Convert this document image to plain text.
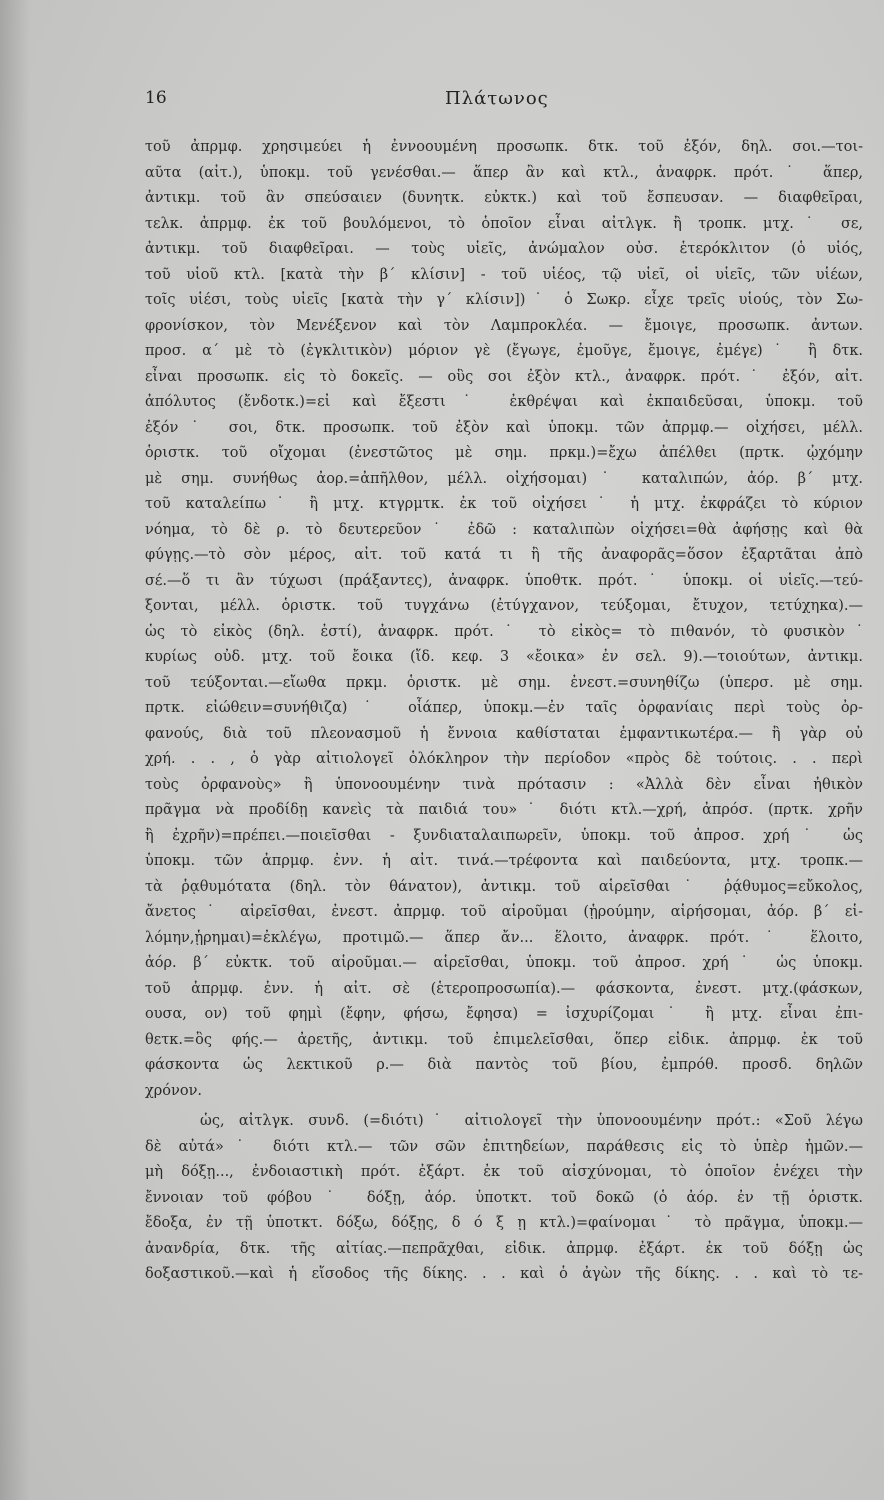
16	Πλάτωνος
τοῦ ἀπρμφ. χρησιμεύει ἡ ἐννοουμένη προσωπκ. δτκ. τοῦ ἐξόν, δηλ. σοι.—τοι-
αῦτα (αἰτ.), ὑποκμ. τοῦ γενέσθαι.— ἅπερ ἂν καὶ κτλ., ἀναφρκ. πρότ.˙ ἅπερ,
ἀντικμ. τοῦ ἂν σπεύσαιεν (δυνητκ. εὐκτκ.) καὶ τοῦ ἔσπευσαν. — διαφθεῖραι,
τελκ. ἀπρμφ. ἐκ τοῦ βουλόμενοι, τὸ ὁποῖον εἶναι αἰτλγκ. ἢ τροπκ. μτχ.˙ σε,
ἀντικμ. τοῦ διαφθεῖραι. — τοὺς υἱεῖς, ἀνώμαλον οὐσ. ἑτερόκλιτον (ὁ υἱός,
τοῦ υἱοῦ κτλ. [κατὰ τὴν β΄ κλίσιν] - τοῦ υἱέος, τῷ υἱεῖ, οἱ υἱεῖς, τῶν υἱέων,
τοῖς υἱέσι, τοὺς υἱεῖς [κατὰ τὴν γ΄ κλίσιν])˙ ὁ Σωκρ. εἶχε τρεῖς υἱούς, τὸν Σω-
φρονίσκον, τὸν Μενέξενον καὶ τὸν Λαμπροκλέα. — ἔμοιγε, προσωπκ. ἀντων.
προσ. α΄ μὲ τὸ (ἐγκλιτικὸν) μόριον γὲ (ἔγωγε, ἐμοῦγε, ἔμοιγε, ἐμέγε)˙ ἢ δτκ.
εἶναι προσωπκ. εἰς τὸ δοκεῖς. — οὓς σοι ἐξὸν κτλ., ἀναφρκ. πρότ.˙ ἐξόν, αἰτ.
ἀπόλυτος (ἔνδοτκ.)=εἰ καὶ ἔξεστι˙ ἐκθρέψαι καὶ ἐκπαιδεῦσαι, ὑποκμ. τοῦ
ἐξόν˙ σοι, δτκ. προσωπκ. τοῦ ἐξὸν καὶ ὑποκμ. τῶν ἀπρμφ.— οἰχήσει, μέλλ.
ὁριστκ. τοῦ οἴχομαι (ἐνεστῶτος μὲ σημ. πρκμ.)=ἔχω ἀπέλθει (πρτκ. ᾠχόμην
μὲ σημ. συνήθως ἀορ.=ἀπῆλθον, μέλλ. οἰχήσομαι)˙ καταλιπών, ἀόρ. β΄ μτχ.
τοῦ καταλείπω˙ ἢ μτχ. κτγρμτκ. ἐκ τοῦ οἰχήσει˙ ἡ μτχ. ἐκφράζει τὸ κύριον
νόημα, τὸ δὲ ρ. τὸ δευτερεῦον˙ ἐδῶ : καταλιπὼν οἰχήσει=θὰ ἀφήσῃς καὶ θὰ
φύγῃς.—τὸ σὸν μέρος, αἰτ. τοῦ κατά τι ἢ τῆς ἀναφορᾶς=ὅσον ἐξαρτᾶται ἀπὸ
σέ.—ὅ τι ἂν τύχωσι (πράξαντες), ἀναφρκ. ὑποθτκ. πρότ.˙ ὑποκμ. οἱ υἱεῖς.—τεύ-
ξονται, μέλλ. ὁριστκ. τοῦ τυγχάνω (ἐτύγχανον, τεύξομαι, ἔτυχον, τετύχηκα).—
ὡς τὸ εἰκὸς (δηλ. ἐστί), ἀναφρκ. πρότ.˙ τὸ εἰκὸς= τὸ πιθανόν, τὸ φυσικὸν˙
κυρίως οὐδ. μτχ. τοῦ ἔοικα (ἴδ. κεφ. 3 «ἔοικα» ἐν σελ. 9).—τοιούτων, ἀντικμ.
τοῦ τεύξονται.—εἴωθα πρκμ. ὁριστκ. μὲ σημ. ἐνεστ.=συνηθίζω (ὑπερσ. μὲ σημ.
πρτκ. εἰώθειν=συνήθιζα)˙ οἷάπερ, ὑποκμ.—ἐν ταῖς ὀρφανίαις περὶ τοὺς ὀρ-
φανούς, διὰ τοῦ πλεονασμοῦ ἡ ἔννοια καθίσταται ἐμφαντικωτέρα.— ἢ γὰρ οὐ
χρή. . . , ὁ γὰρ αἰτιολογεῖ ὁλόκληρον τὴν περίοδον «πρὸς δὲ τούτοις. . . περὶ
τοὺς ὀρφανοὺς» ἢ ὑπονοουμένην τινὰ πρότασιν : «Ἀλλὰ δὲν εἶναι ἠθικὸν
πρᾶγμα νὰ προδίδῃ κανεὶς τὰ παιδιά του»˙ διότι κτλ.—χρή, ἀπρόσ. (πρτκ. χρῆν
ἢ ἐχρῆν)=πρέπει.—ποιεῖσθαι - ξυνδιαταλαιπωρεῖν, ὑποκμ. τοῦ ἀπροσ. χρή˙ ὡς
ὑποκμ. τῶν ἀπρμφ. ἐνν. ἡ αἰτ. τινά.—τρέφοντα καὶ παιδεύοντα, μτχ. τροπκ.—
τὰ ῥᾳθυμότατα (δηλ. τὸν θάνατον), ἀντικμ. τοῦ αἱρεῖσθαι˙ ῥᾴθυμος=εὔκολος,
ἄνετος˙ αἱρεῖσθαι, ἐνεστ. ἀπρμφ. τοῦ αἱροῦμαι (ᾑρούμην, αἱρήσομαι, ἀόρ. β΄ εἱ-
λόμην,ᾑρημαι)=ἐκλέγω, προτιμῶ.— ἅπερ ἄν... ἕλοιτο, ἀναφρκ. πρότ.˙ ἕλοιτο,
ἀόρ. β΄ εὐκτκ. τοῦ αἱροῦμαι.— αἱρεῖσθαι, ὑποκμ. τοῦ ἀπροσ. χρή˙ ὡς ὑποκμ.
τοῦ ἀπρμφ. ἐνν. ἡ αἰτ. σὲ (ἑτεροπροσωπία).— φάσκοντα, ἐνεστ. μτχ.(φάσκων,
ουσα, ον) τοῦ φημὶ (ἔφην, φήσω, ἔφησα) = ἰσχυρίζομαι˙ ἢ μτχ. εἶναι ἐπι-
θετκ.=ὃς φής.— ἀρετῆς, ἀντικμ. τοῦ ἐπιμελεῖσθαι, ὅπερ εἰδικ. ἀπρμφ. ἐκ τοῦ
φάσκοντα ὡς λεκτικοῦ ρ.— διὰ παντὸς τοῦ βίου, ἐμπρόθ. προσδ. δηλῶν
χρόνον.
ὡς, αἰτλγκ. συνδ. (=διότι)˙ αἰτιολογεῖ τὴν ὑπονοουμένην πρότ.: «Σοῦ λέγω
δὲ αὐτά»˙ διότι κτλ.— τῶν σῶν ἐπιτηδείων, παράθεσις εἰς τὸ ὑπὲρ ἡμῶν.—
μὴ δόξῃ..., ἐνδοιαστικὴ πρότ. ἐξάρτ. ἐκ τοῦ αἰσχύνομαι, τὸ ὁποῖον ἐνέχει τὴν
ἔννοιαν τοῦ φόβου˙ δόξῃ, ἀόρ. ὑποτκτ. τοῦ δοκῶ (ὁ ἀόρ. ἐν τῇ ὁριστκ.
ἔδοξα, ἐν τῇ ὑποτκτ. δόξω, δόξῃς, δ ό ξ ῃ κτλ.)=φαίνομαι˙ τὸ πρᾶγμα, ὑποκμ.—
ἀνανδρία, δτκ. τῆς αἰτίας.—πεπρᾶχθαι, εἰδικ. ἀπρμφ. ἐξάρτ. ἐκ τοῦ δόξῃ ὡς
δοξαστικοῦ.—καὶ ἡ εἴσοδος τῆς δίκης. . . καὶ ὁ ἀγὼν τῆς δίκης. . . καὶ τὸ τε-
